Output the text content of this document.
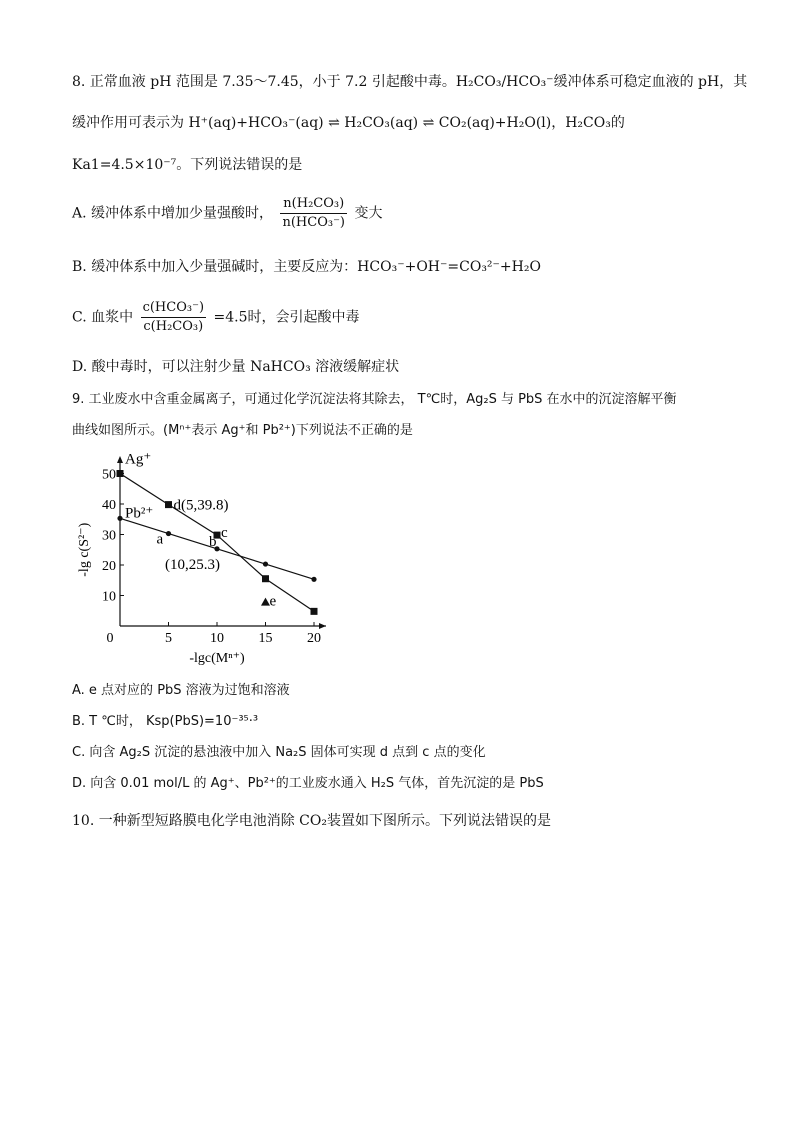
8. 正常血液 pH 范围是 7.35～7.45，小于 7.2 引起酸中毒。H₂CO₃/HCO₃⁻缓冲体系可稳定血液的 pH，其
缓冲作用可表示为 H⁺(aq)+HCO₃⁻(aq) ⇌ H₂CO₃(aq) ⇌ CO₂(aq)+H₂O(l)，H₂CO₃的
Ka1=4.5×10⁻⁷。下列说法错误的是
A. 缓冲体系中增加少量强酸时， $\frac{\text{n(H₂CO₃)}}{\text{n(HCO₃⁻)}}$ 变大
B. 缓冲体系中加入少量强碱时，主要反应为：HCO₃⁻+OH⁻=CO₃²⁻+H₂O
C. 血浆中 $\frac{\text{c(HCO₃⁻)}}{\text{c(H₂CO₃)}} =4.5$时，会引起酸中毒
D. 酸中毒时，可以注射少量 NaHCO₃ 溶液缓解症状
9. 工业废水中含重金属离子，可通过化学沉淀法将其除去， T℃时，Ag₂S 与 PbS 在水中的沉淀溶解平衡
曲线如图所示。(Mⁿ⁺表示 Ag⁺和 Pb²⁺)下列说法不正确的是
0	5	10 15 20
10
20
30
40
50
-lgc(Mⁿ⁺)
-lg c(S²⁻)
Ag⁺
Pb²⁺ d(5,39.8)
c
a	b
(10,25.3)
e
A. e 点对应的 PbS 溶液为过饱和溶液
B. T ℃时， Ksp(PbS)=10⁻³⁵·³
C. 向含 Ag₂S 沉淀的悬浊液中加入 Na₂S 固体可实现 d 点到 c 点的变化
D. 向含 0.01 mol/L 的 Ag⁺、Pb²⁺的工业废水通入 H₂S 气体，首先沉淀的是 PbS
10. 一种新型短路膜电化学电池消除 CO₂装置如下图所示。下列说法错误的是
